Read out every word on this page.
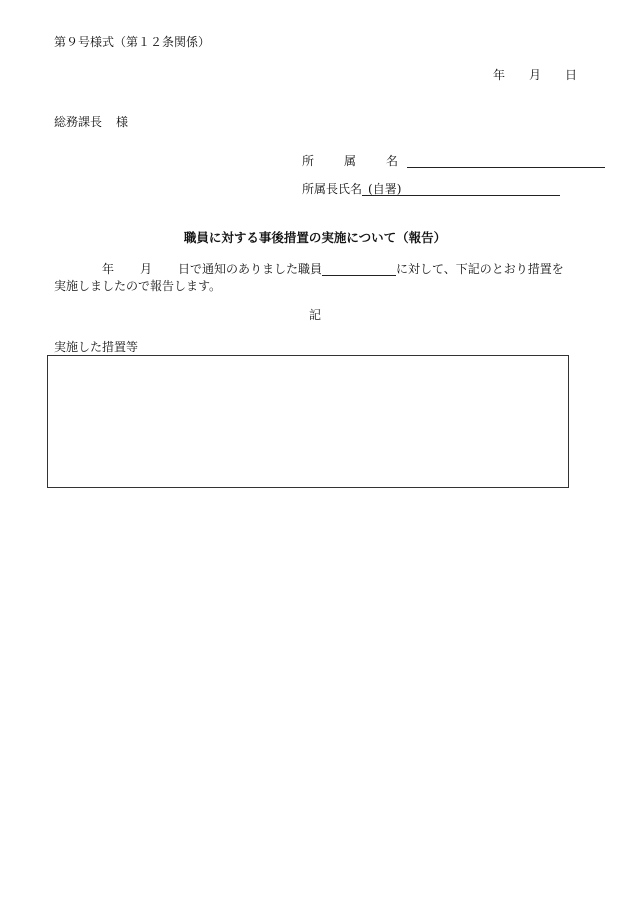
第９号様式（第１２条関係）
年 月 日
総務課長 様
所　属　名
所属長氏名 (自署)
職員に対する事後措置の実施について（報告）
年 月 日で通知のありました職員	に対して、下記のとおり措置を
実施しましたので報告します。
記
実施した措置等
